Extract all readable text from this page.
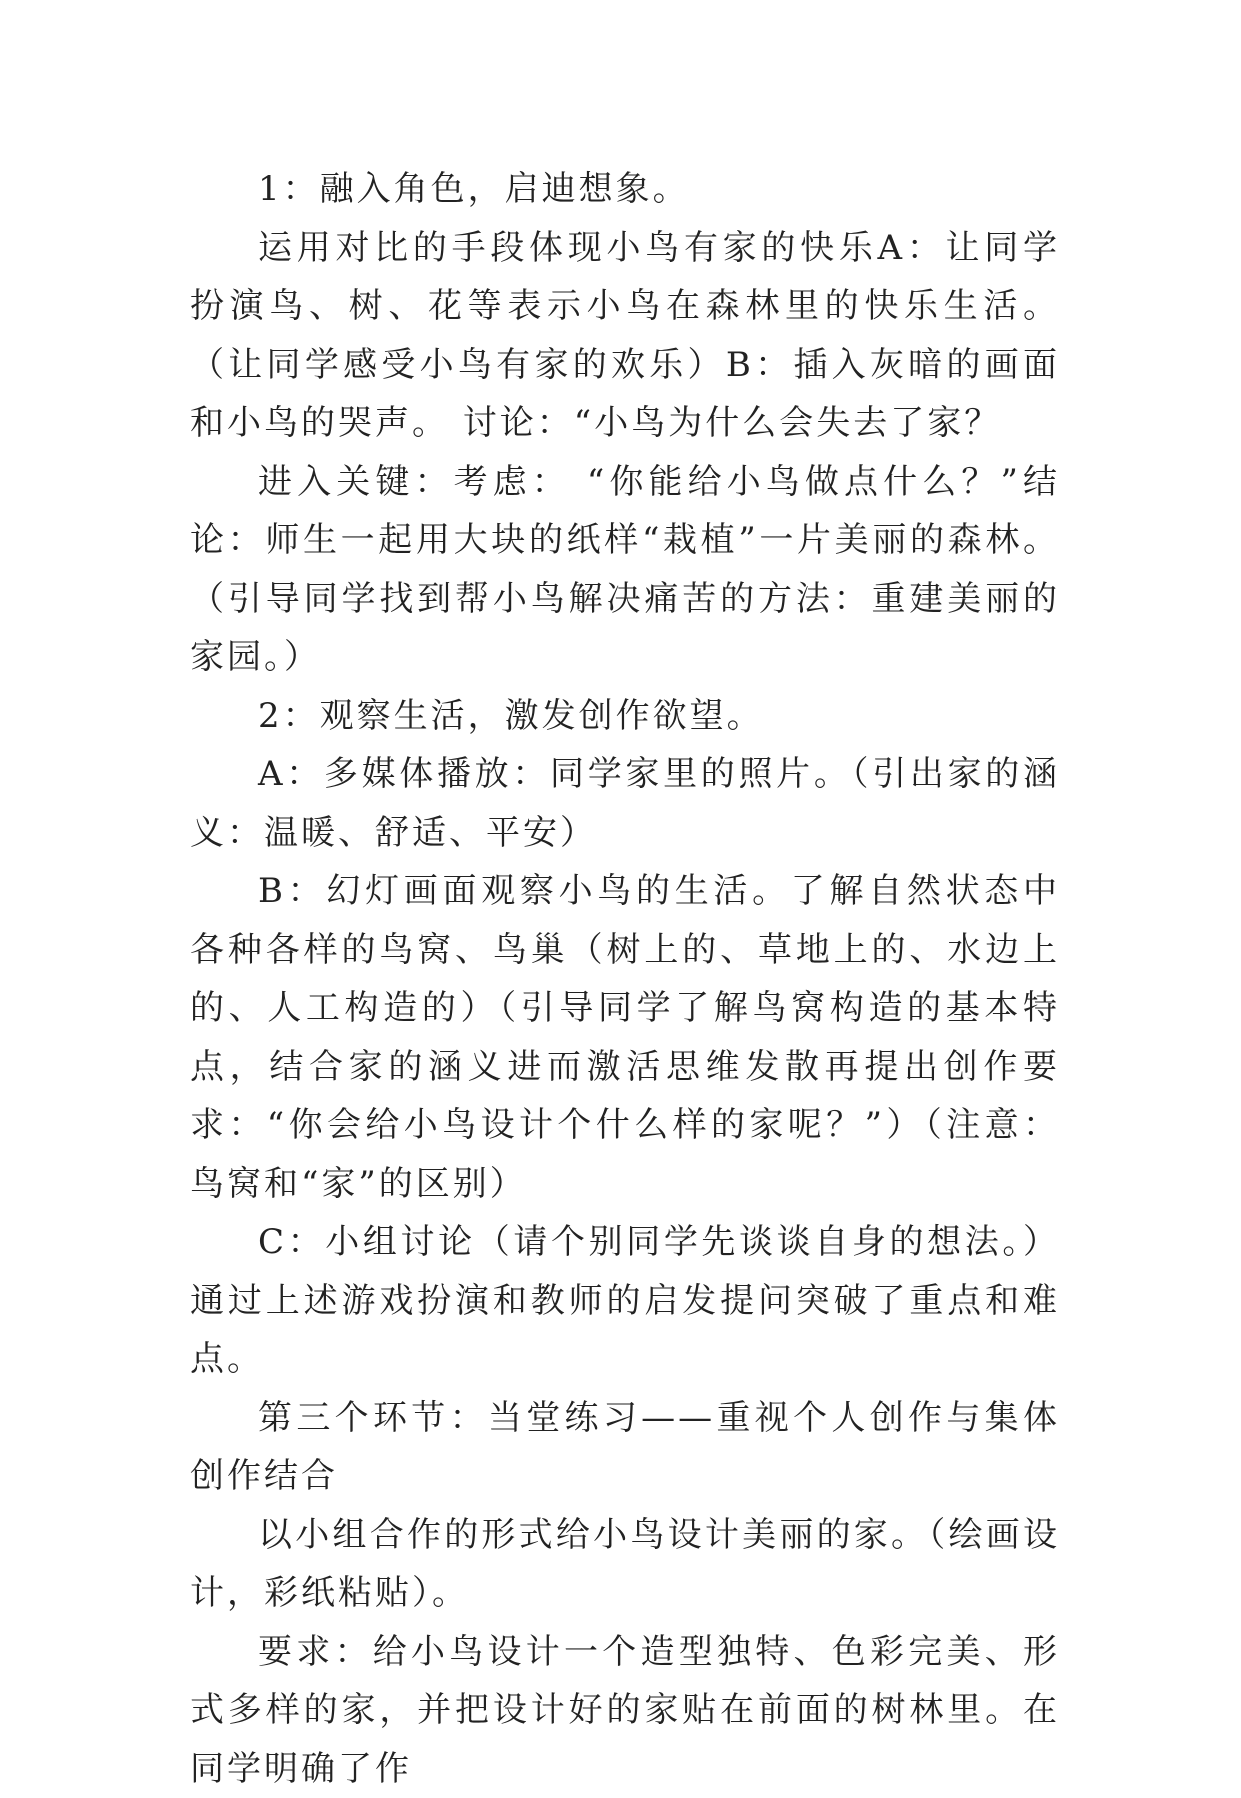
1：融入角色，启迪想象。

运用对比的手段体现小鸟有家的快乐A：让同学扮演鸟、树、花等表示小鸟在森林里的快乐生活。（让同学感受小鸟有家的欢乐）B：插入灰暗的画面和小鸟的哭声。 讨论：“小鸟为什么会失去了家？

进入关键：考虑： “你能给小鸟做点什么？”结论：师生一起用大块的纸样“栽植”一片美丽的森林。（引导同学找到帮小鸟解决痛苦的方法：重建美丽的家园。）

2：观察生活，激发创作欲望。

A：多媒体播放：同学家里的照片。（引出家的涵义：温暖、舒适、平安）

B：幻灯画面观察小鸟的生活。了解自然状态中各种各样的鸟窝、鸟巢（树上的、草地上的、水边上的、人工构造的）（引导同学了解鸟窝构造的基本特点，结合家的涵义进而激活思维发散再提出创作要求：“你会给小鸟设计个什么样的家呢？”）（注意：鸟窝和“家”的区别）

C：小组讨论（请个别同学先谈谈自身的想法。）通过上述游戏扮演和教师的启发提问突破了重点和难点。

第三个环节：当堂练习——重视个人创作与集体创作结合

以小组合作的形式给小鸟设计美丽的家。（绘画设计，彩纸粘贴）。

要求：给小鸟设计一个造型独特、色彩完美、形式多样的家，并把设计好的家贴在前面的树林里。在同学明确了作
